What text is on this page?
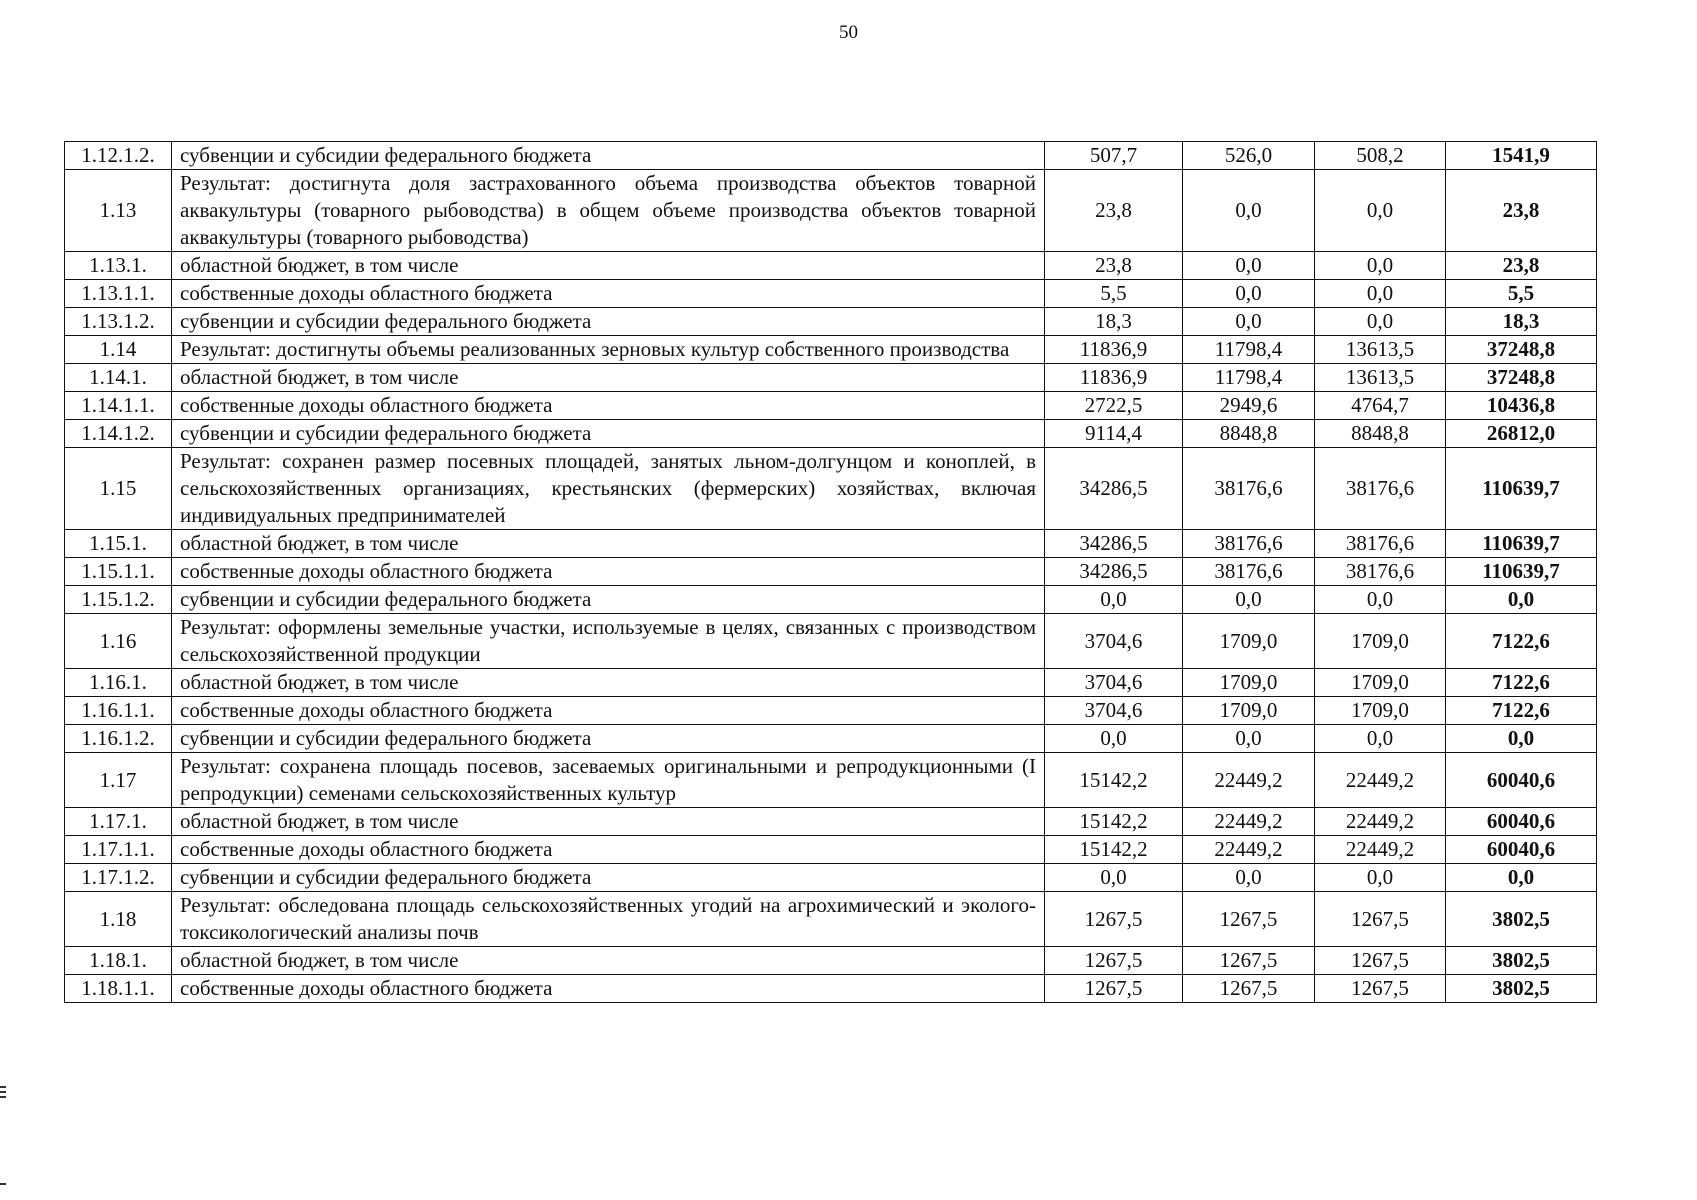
50
1.12.1.2.	субвенции и субсидии федерального бюджета	507,7	526,0	508,2	1541,9
1.13	Результат: достигнута доля застрахованного объема производства объектов товарной аквакультуры (товарного рыбоводства) в общем объеме производства объектов товарной аквакультуры (товарного рыбоводства)	23,8	0,0	0,0	23,8
1.13.1.	областной бюджет, в том числе	23,8	0,0	0,0	23,8
1.13.1.1.	собственные доходы областного бюджета	5,5	0,0	0,0	5,5
1.13.1.2.	субвенции и субсидии федерального бюджета	18,3	0,0	0,0	18,3
1.14	Результат: достигнуты объемы реализованных зерновых культур собственного производства	11836,9	11798,4	13613,5	37248,8
1.14.1.	областной бюджет, в том числе	11836,9	11798,4	13613,5	37248,8
1.14.1.1.	собственные доходы областного бюджета	2722,5	2949,6	4764,7	10436,8
1.14.1.2.	субвенции и субсидии федерального бюджета	9114,4	8848,8	8848,8	26812,0
1.15	Результат: сохранен размер посевных площадей, занятых льном-долгунцом и коноплей, в сельскохозяйственных организациях, крестьянских (фермерских) хозяйствах, включая индивидуальных предпринимателей	34286,5	38176,6	38176,6	110639,7
1.15.1.	областной бюджет, в том числе	34286,5	38176,6	38176,6	110639,7
1.15.1.1.	собственные доходы областного бюджета	34286,5	38176,6	38176,6	110639,7
1.15.1.2.	субвенции и субсидии федерального бюджета	0,0	0,0	0,0	0,0
1.16	Результат: оформлены земельные участки, используемые в целях, связанных с производством сельскохозяйственной продукции	3704,6	1709,0	1709,0	7122,6
1.16.1.	областной бюджет, в том числе	3704,6	1709,0	1709,0	7122,6
1.16.1.1.	собственные доходы областного бюджета	3704,6	1709,0	1709,0	7122,6
1.16.1.2.	субвенции и субсидии федерального бюджета	0,0	0,0	0,0	0,0
1.17	Результат: сохранена площадь посевов, засеваемых оригинальными и репродукционными (I репродукции) семенами сельскохозяйственных культур	15142,2	22449,2	22449,2	60040,6
1.17.1.	областной бюджет, в том числе	15142,2	22449,2	22449,2	60040,6
1.17.1.1.	собственные доходы областного бюджета	15142,2	22449,2	22449,2	60040,6
1.17.1.2.	субвенции и субсидии федерального бюджета	0,0	0,0	0,0	0,0
1.18	Результат: обследована площадь сельскохозяйственных угодий на агрохимический и эколого-токсикологический анализы почв	1267,5	1267,5	1267,5	3802,5
1.18.1.	областной бюджет, в том числе	1267,5	1267,5	1267,5	3802,5
1.18.1.1.	собственные доходы областного бюджета	1267,5	1267,5	1267,5	3802,5
